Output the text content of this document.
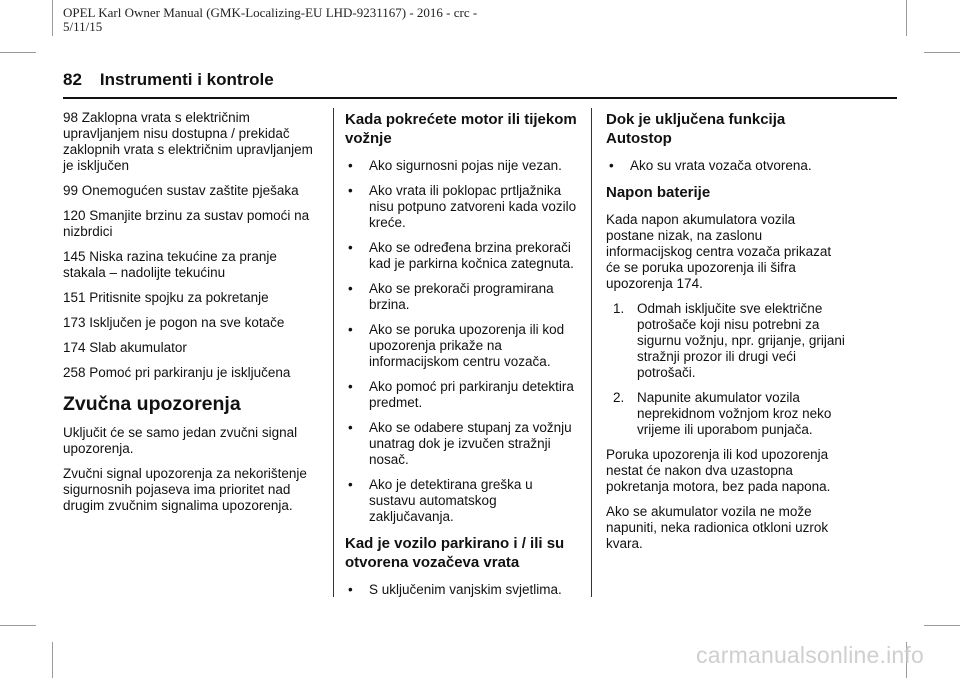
OPEL Karl Owner Manual (GMK-Localizing-EU LHD-9231167) - 2016 - crc -
5/11/15
82 Instrumenti i kontrole

98 Zaklopna vrata s električnim upravljanjem nisu dostupna / prekidač zaklopnih vrata s električnim upravljanjem je isključen

99 Onemogućen sustav zaštite pješaka

120 Smanjite brzinu za sustav pomoći na nizbrdici

145 Niska razina tekućine za pranje stakala – nadolijte tekućinu

151 Pritisnite spojku za pokretanje

173 Isključen je pogon na sve kotače

174 Slab akumulator

258 Pomoć pri parkiranju je isključena

Zvučna upozorenja

Uključit će se samo jedan zvučni signal upozorenja.

Zvučni signal upozorenja za nekorištenje sigurnosnih pojaseva ima prioritet nad drugim zvučnim signalima upozorenja.

Kada pokrećete motor ili tijekom vožnje
• Ako sigurnosni pojas nije vezan.
• Ako vrata ili poklopac prtljažnika nisu potpuno zatvoreni kada vozilo kreće.
• Ako se određena brzina prekorači kad je parkirna kočnica zategnuta.
• Ako se prekorači programirana brzina.
• Ako se poruka upozorenja ili kod upozorenja prikaže na informacijskom centru vozača.
• Ako pomoć pri parkiranju detektira predmet.
• Ako se odabere stupanj za vožnju unatrag dok je izvučen stražnji nosač.
• Ako je detektirana greška u sustavu automatskog zaključavanja.
Kad je vozilo parkirano i / ili su otvorena vozačeva vrata
• S uključenim vanjskim svjetlima.
Dok je uključena funkcija Autostop
• Ako su vrata vozača otvorena.
Napon baterije

Kada napon akumulatora vozila postane nizak, na zaslonu informacijskog centra vozača prikazat će se poruka upozorenja ili šifra upozorenja 174.

1. Odmah isključite sve električne potrošače koji nisu potrebni za sigurnu vožnju, npr. grijanje, grijani stražnji prozor ili drugi veći potrošači.
2. Napunite akumulator vozila neprekidnom vožnjom kroz neko vrijeme ili uporabom punjača.

Poruka upozorenja ili kod upozorenja nestat će nakon dva uzastopna pokretanja motora, bez pada napona.

Ako se akumulator vozila ne može napuniti, neka radionica otkloni uzrok kvara.

carmanualsonline.info
